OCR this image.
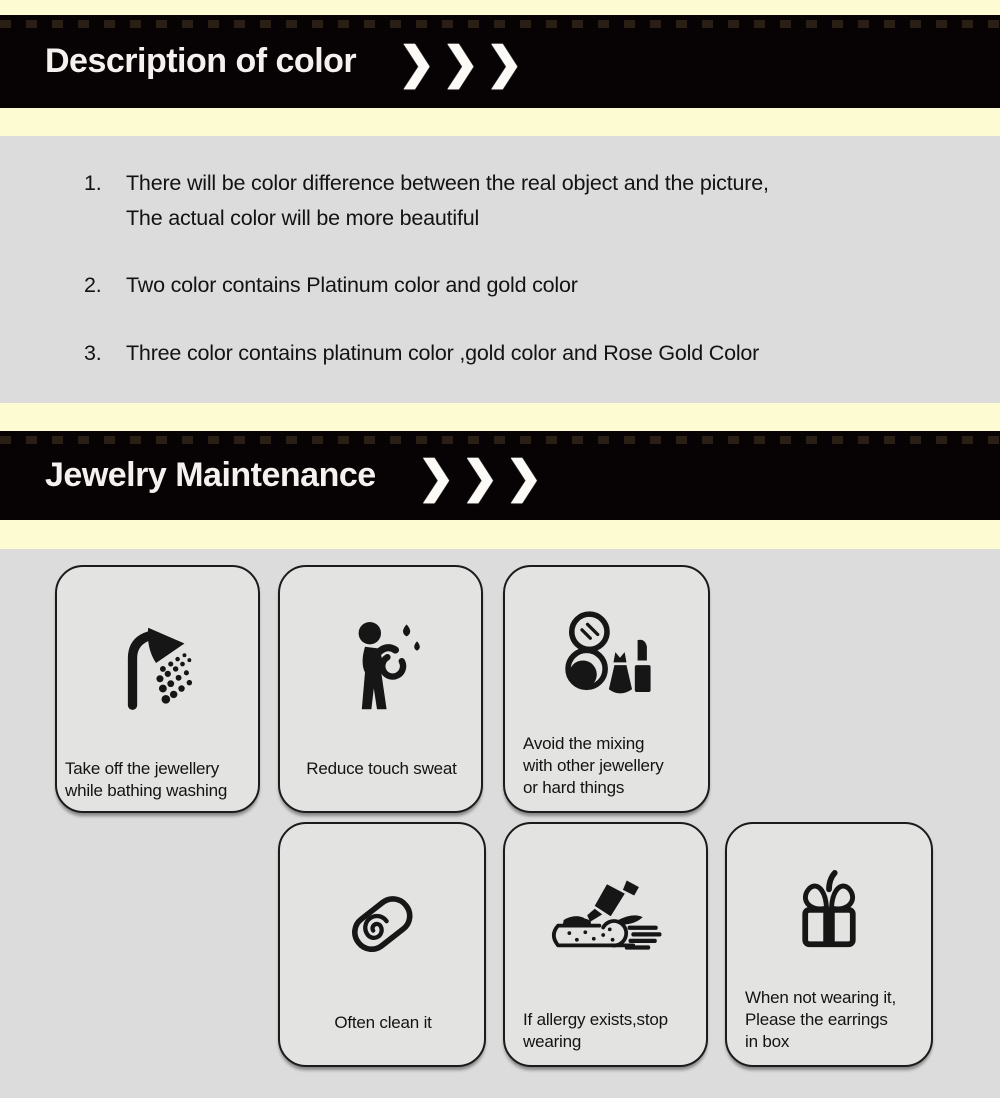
Description of color ❯❯❯
1.	There will be color difference between the real object and the picture,
The actual color will be more beautiful
2.	Two color contains Platinum color and gold color
3.	Three color contains platinum color ,gold color and Rose Gold Color
Jewelry Maintenance ❯❯❯
Take off the jewellery
while bathing washing
Reduce touch sweat
Avoid the mixing
with other jewellery
or hard things
Often clean it	If allergy exists,stop
wearing
When not wearing it,
Please the earrings
in box
